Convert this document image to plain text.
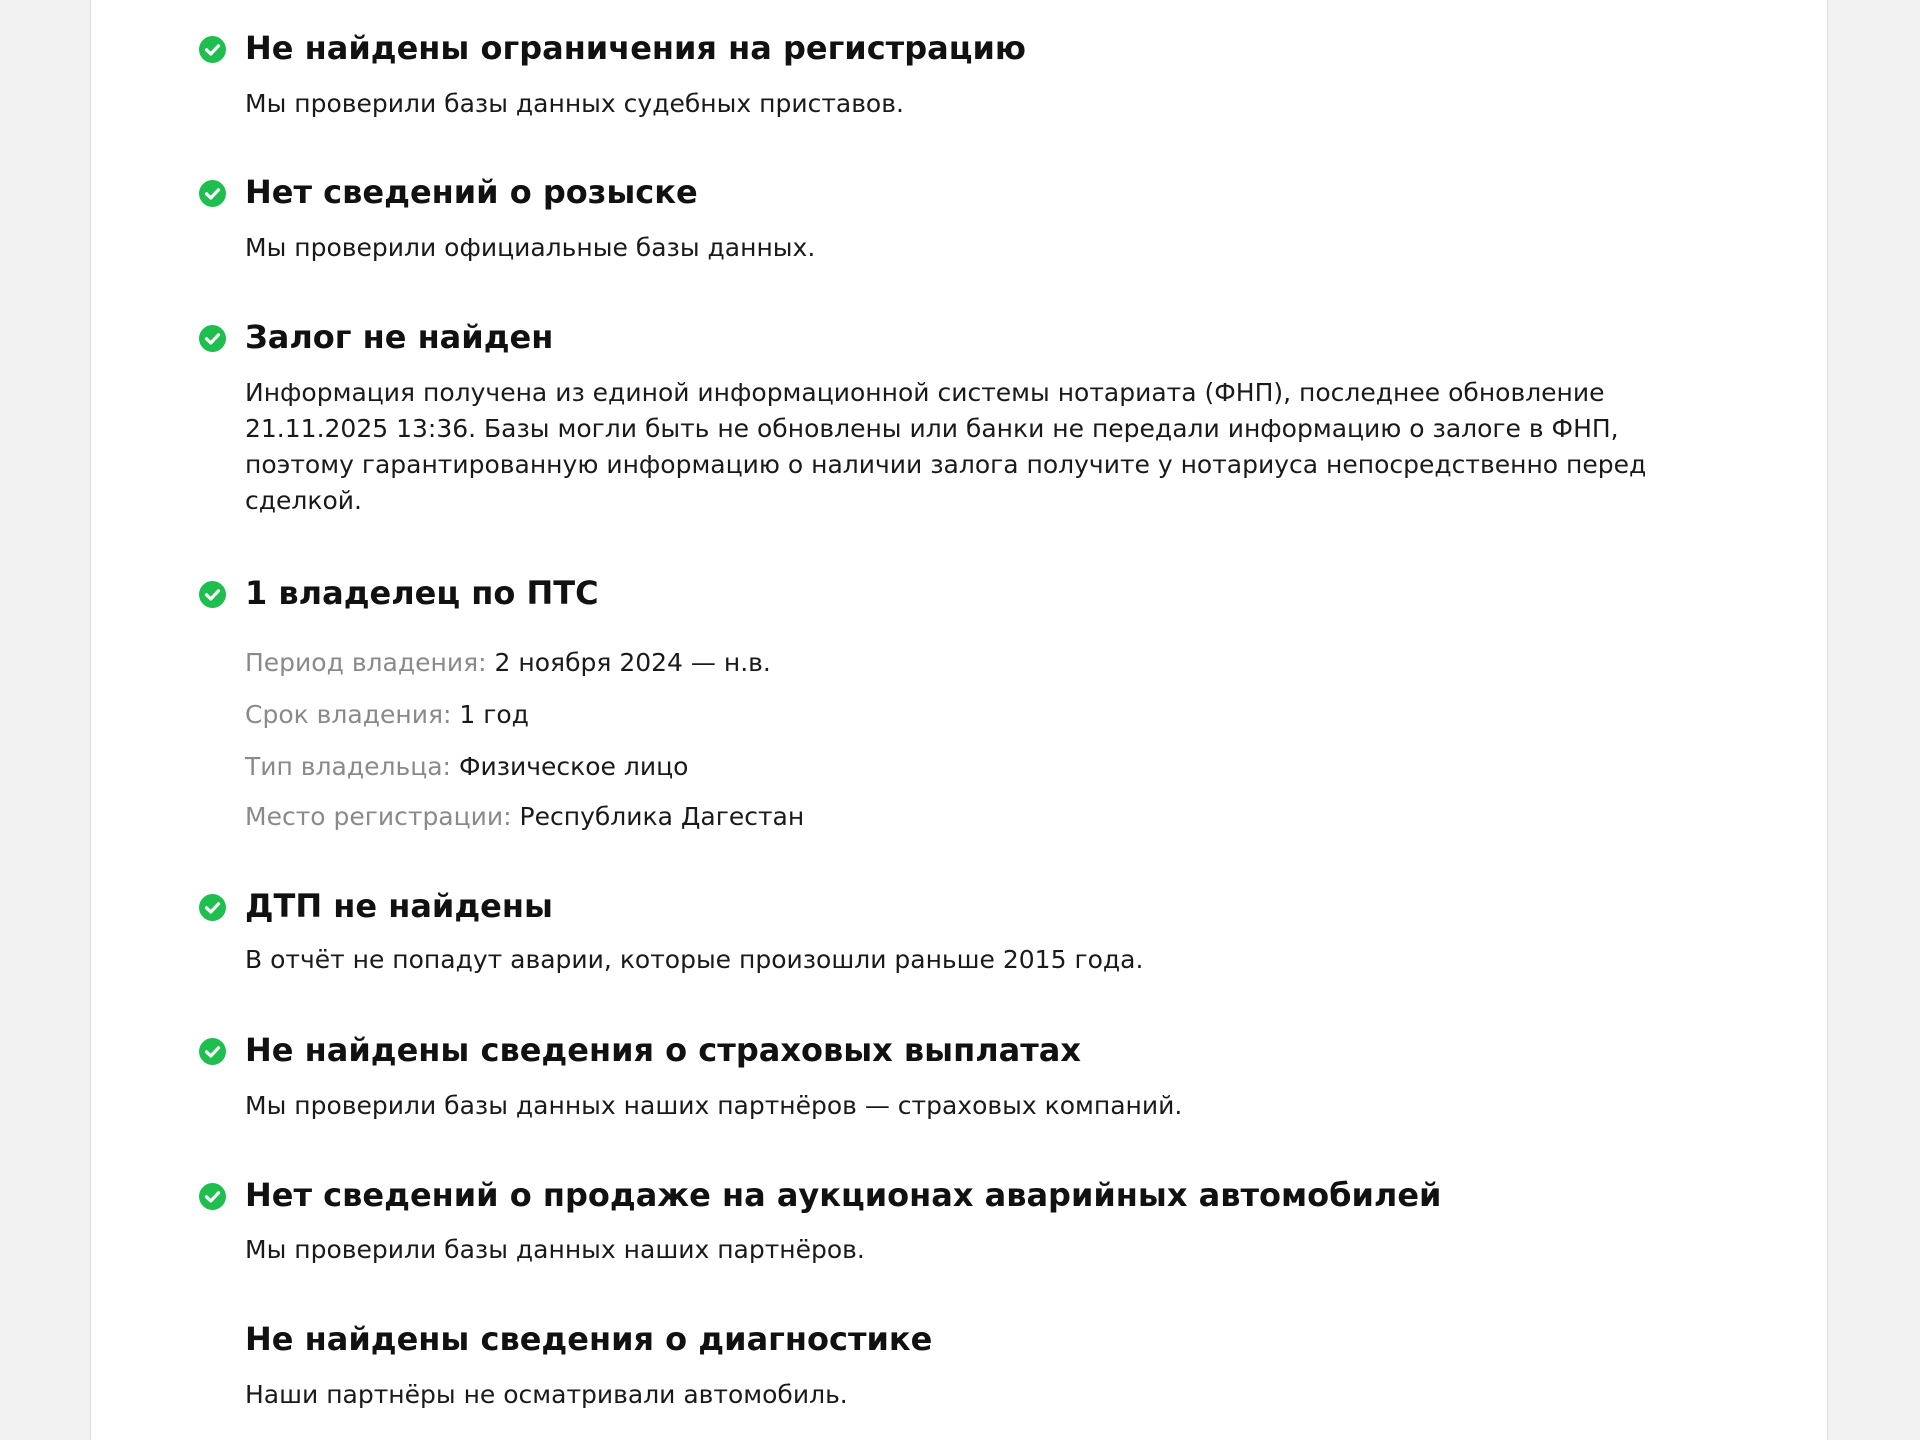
Не найдены ограничения на регистрацию

Мы проверили базы данных судебных приставов.

Нет сведений о розыске

Мы проверили официальные базы данных.

Залог не найден

Информация получена из единой информационной системы нотариата (ФНП), последнее обновление 21.11.2025 13:36. Базы могли быть не обновлены или банки не передали информацию о залоге в ФНП, поэтому гарантированную информацию о наличии залога получите у нотариуса непосредственно перед сделкой.

1 владелец по ПТС

Период владения: 2 ноября 2024 — н.в.

Срок владения: 1 год

Тип владельца: Физическое лицо

Место регистрации: Республика Дагестан

ДТП не найдены

В отчёт не попадут аварии, которые произошли раньше 2015 года.

Не найдены сведения о страховых выплатах

Мы проверили базы данных наших партнёров — страховых компаний.

Нет сведений о продаже на аукционах аварийных автомобилей

Мы проверили базы данных наших партнёров.

Не найдены сведения о диагностике

Наши партнёры не осматривали автомобиль.
